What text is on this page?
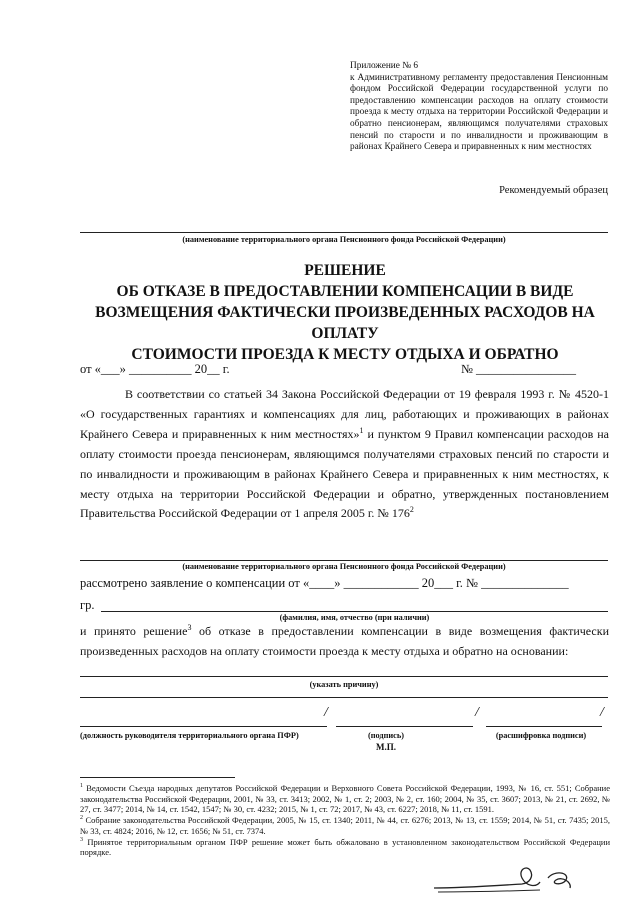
Приложение № 6
к Административному регламенту предоставления Пенсионным фондом Российской Федерации государственной услуги по предоставлению компенсации расходов на оплату стоимости проезда к месту отдыха на территории Российской Федерации и обратно пенсионерам, являющимся получателями страховых пенсий по старости и по инвалидности и проживающим в районах Крайнего Севера и приравненных к ним местностях
Рекомендуемый образец
(наименование территориального органа Пенсионного фонда Российской Федерации)
РЕШЕНИЕ
ОБ ОТКАЗЕ В ПРЕДОСТАВЛЕНИИ КОМПЕНСАЦИИ В ВИДЕ
ВОЗМЕЩЕНИЯ ФАКТИЧЕСКИ ПРОИЗВЕДЕННЫХ РАСХОДОВ НА ОПЛАТУ
СТОИМОСТИ ПРОЕЗДА К МЕСТУ ОТДЫХА И ОБРАТНО
от «___» __________ 20__ г.	№ ________________
В соответствии со статьей 34 Закона Российской Федерации от 19 февраля 1993 г. № 4520-1 «О государственных гарантиях и компенсациях для лиц, работающих и проживающих в районах Крайнего Севера и приравненных к ним местностях»$^1$ и пунктом 9 Правил компенсации расходов на оплату стоимости проезда пенсионерам, являющимся получателями страховых пенсий по старости и по инвалидности и проживающим в районах Крайнего Севера и приравненных к ним местностях, к месту отдыха на территории Российской Федерации и обратно, утвержденных постановлением Правительства Российской Федерации от 1 апреля 2005 г. № $176^2$
(наименование территориального органа Пенсионного фонда Российской Федерации)
рассмотрено заявление о компенсации от «____» ____________ 20___ г. № ______________
гр.
(фамилия, имя, отчество (при наличии)
и принято решение$^3$ об отказе в предоставлении компенсации в виде возмещения фактически произведенных расходов на оплату стоимости проезда к месту отдыха и обратно на основании:
(указать причину)
/	/	/
(должность руководителя территориального органа ПФР)	(подпись)	(расшифровка подписи)
М.П.

$^1$ Ведомости Съезда народных депутатов Российской Федерации и Верховного Совета Российской Федерации, 1993, № 16, ст. 551; Собрание законодательства Российской Федерации, 2001, № 33, ст. 3413; 2002, № 1, ст. 2; 2003, № 2, ст. 160; 2004, № 35, ст. 3607; 2013, № 21, ст. 2692, № 27, ст. 3477; 2014, № 14, ст. 1542, 1547; № 30, ст. 4232; 2015, № 1, ст. 72; 2017, № 43, ст. 6227; 2018, № 11, ст. 1591.

$^2$ Собрание законодательства Российской Федерации, 2005, № 15, ст. 1340; 2011, № 44, ст. 6276; 2013, № 13, ст. 1559; 2014, № 51, ст. 7435; 2015, № 33, ст. 4824; 2016, № 12, ст. 1656; № 51, ст. 7374.

$^3$ Принятое территориальным органом ПФР решение может быть обжаловано в установленном законодательством Российской Федерации порядке.
